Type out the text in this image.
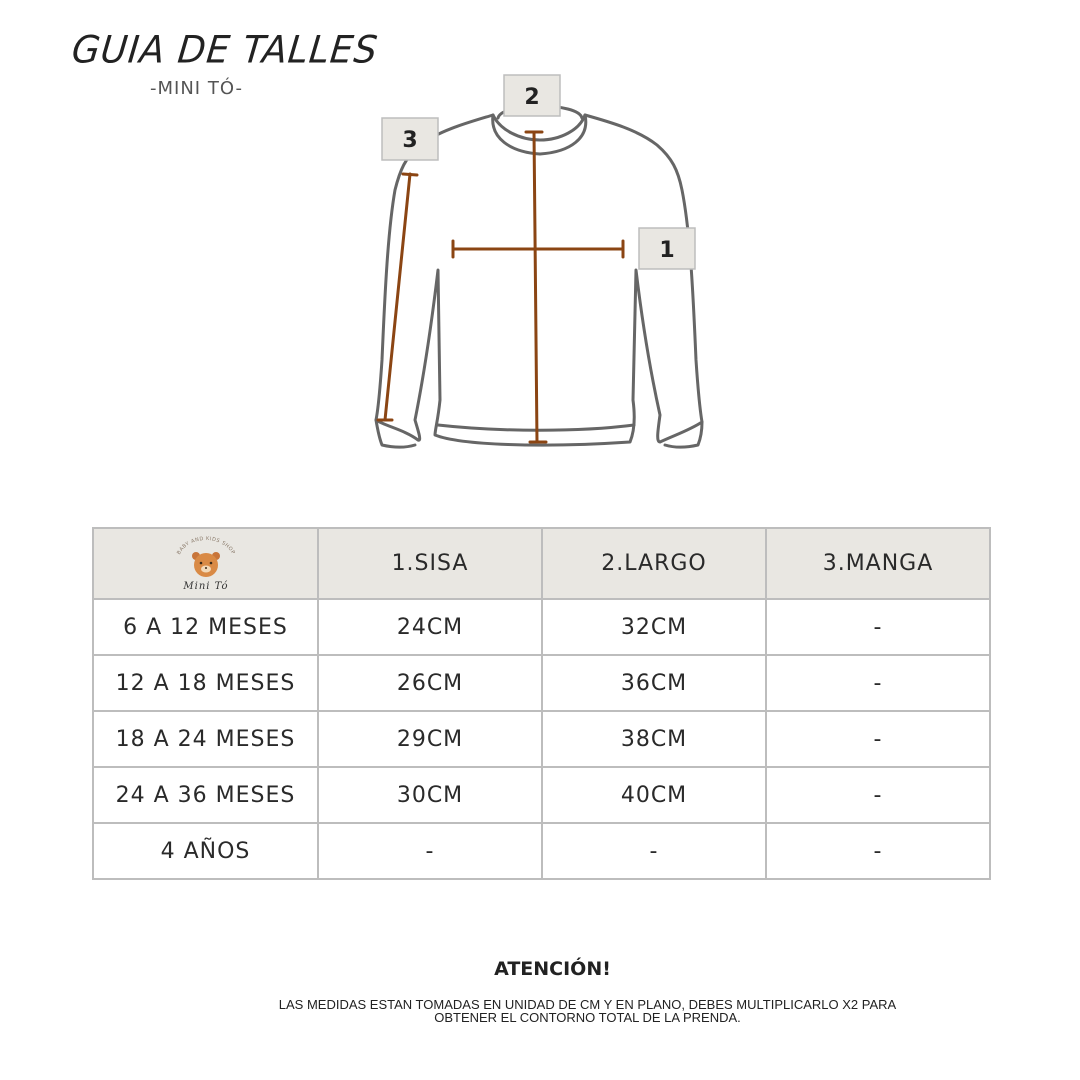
GUIA DE TALLES
-MINI TÓ-	2
3
1
BABY AND KIDS SHOP
Mini Tó	1.SISA	2.LARGO	3.MANGA
6 A 12 MESES	24CM	32CM	-
12 A 18 MESES	26CM	36CM	-
18 A 24 MESES	29CM	38CM	-
24 A 36 MESES	30CM	40CM	-
4 AÑOS	-	-	-
ATENCIÓN!
LAS MEDIDAS ESTAN TOMADAS EN UNIDAD DE CM Y EN PLANO, DEBES MULTIPLICARLO X2 PARA
OBTENER EL CONTORNO TOTAL DE LA PRENDA.
